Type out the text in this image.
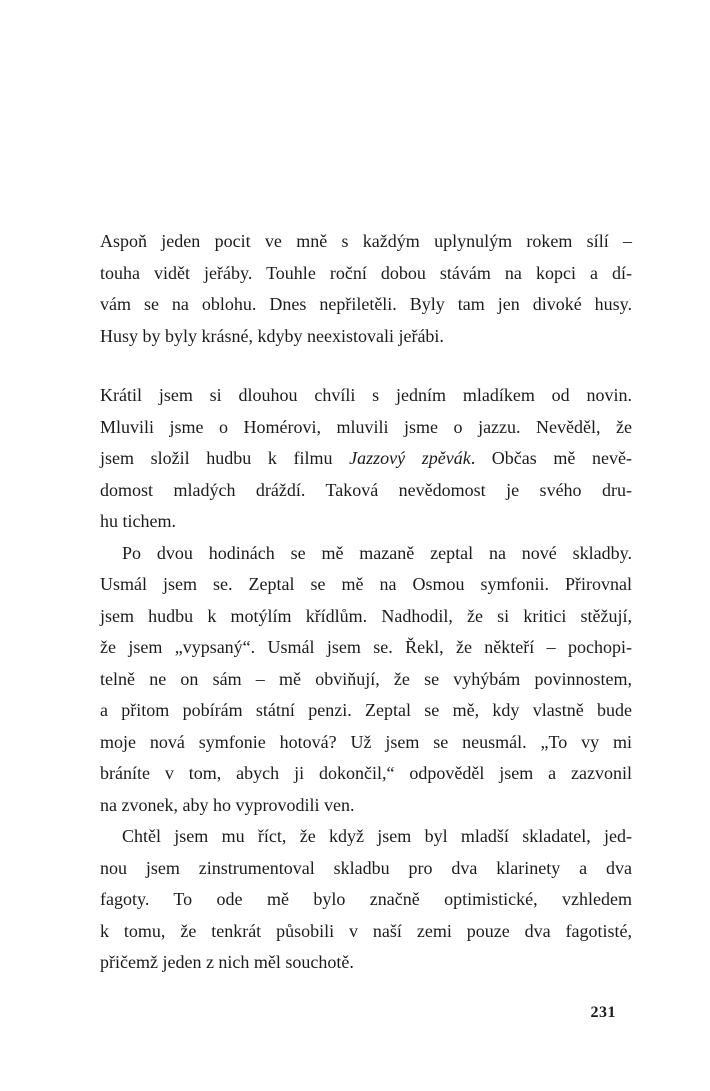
Aspoň jeden pocit ve mně s každým uplynulým rokem sílí –
touha vidět jeřáby. Touhle roční dobou stávám na kopci a dí-
vám se na oblohu. Dnes nepřiletěli. Byly tam jen divoké husy.
Husy by byly krásné, kdyby neexistovali jeřábi.
Krátil jsem si dlouhou chvíli s jedním mladíkem od novin.
Mluvili jsme o Homérovi, mluvili jsme o jazzu. Nevěděl, že
jsem složil hudbu k filmu Jazzový zpěvák. Občas mě nevě-
domost mladých dráždí. Taková nevědomost je svého dru-
hu tichem.
Po dvou hodinách se mě mazaně zeptal na nové skladby.
Usmál jsem se. Zeptal se mě na Osmou symfonii. Přirovnal
jsem hudbu k motýlím křídlům. Nadhodil, že si kritici stěžují,
že jsem „vypsaný“. Usmál jsem se. Řekl, že někteří – pochopi-
telně ne on sám – mě obviňují, že se vyhýbám povinnostem,
a přitom pobírám státní penzi. Zeptal se mě, kdy vlastně bude
moje nová symfonie hotová? Už jsem se neusmál. „To vy mi
bráníte v tom, abych ji dokončil,“ odpověděl jsem a zazvonil
na zvonek, aby ho vyprovodili ven.
Chtěl jsem mu říct, že když jsem byl mladší skladatel, jed-
nou jsem zinstrumentoval skladbu pro dva klarinety a dva
fagoty. To ode mě bylo značně optimistické, vzhledem
k tomu, že tenkrát působili v naší zemi pouze dva fagotisté,
přičemž jeden z nich měl souchotě.
231
